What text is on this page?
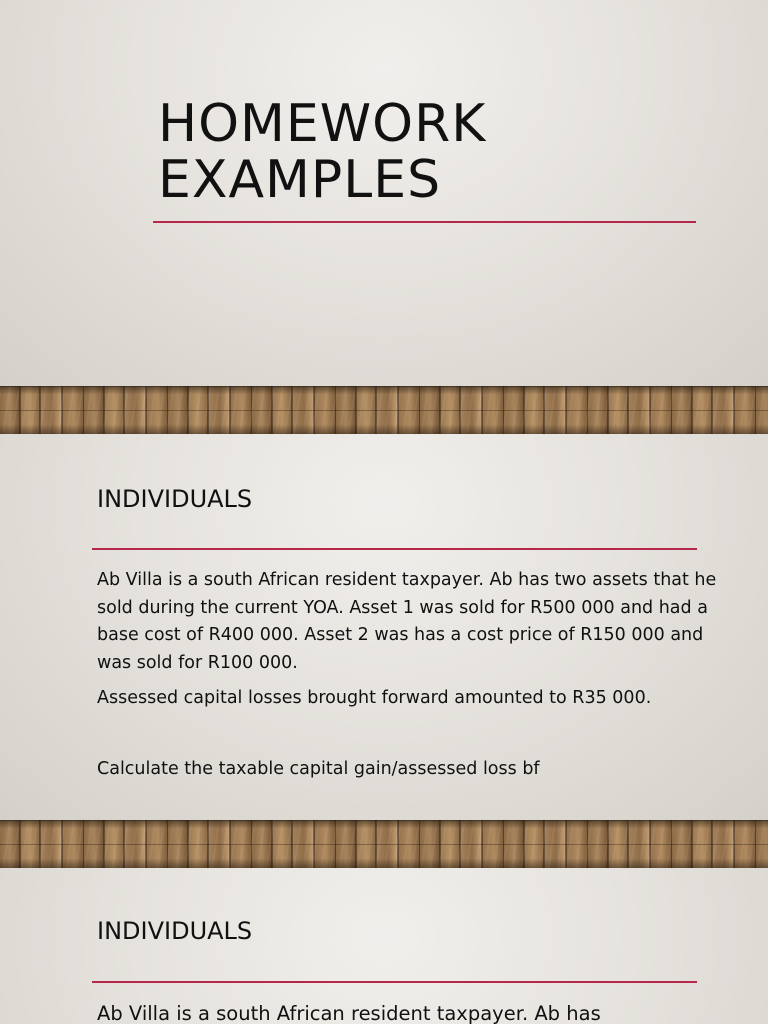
HOMEWORK
EXAMPLES
INDIVIDUALS

Ab Villa is a south African resident taxpayer. Ab has two assets that he sold during the current YOA. Asset 1 was sold for R500 000 and had a base cost of R400 000. Asset 2 was has a cost price of R150 000 and was sold for R100 000.

Assessed capital losses brought forward amounted to R35 000.

Calculate the taxable capital gain/assessed loss bf

INDIVIDUALS

Ab Villa is a south African resident taxpayer. Ab has
